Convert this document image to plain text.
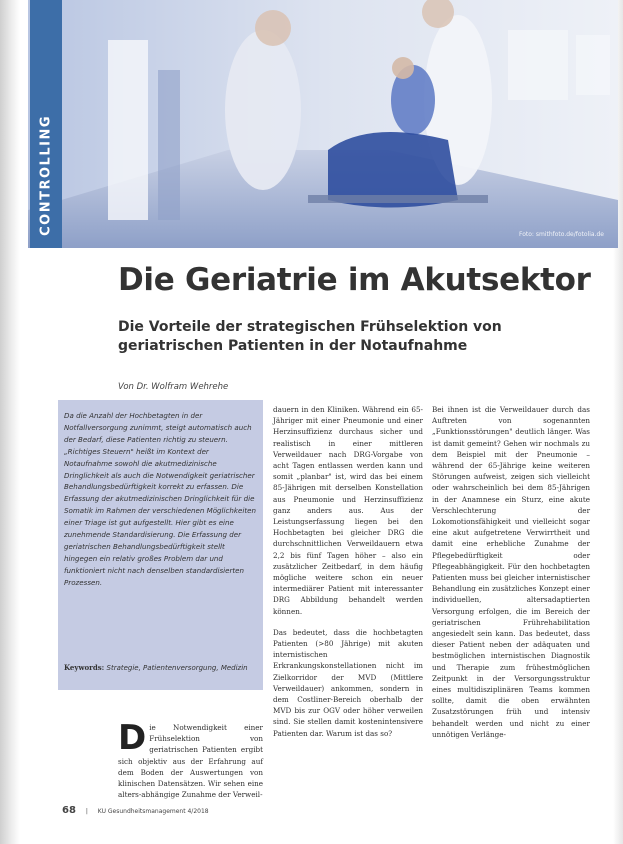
Foto: smithfoto.de/fotolia.de
CONTROLLING
Die Geriatrie im Akutsektor
Die Vorteile der strategischen Frühselektion von geriatrischen Patienten in der Notaufnahme
Von Dr. Wolfram Wehrehe

Da die Anzahl der Hochbetagten in der Notfallversorgung zunimmt, steigt automatisch auch der Bedarf, diese Patienten richtig zu steuern. „Richtiges Steuern" heißt im Kontext der Notaufnahme sowohl die akutmedizinische Dringlichkeit als auch die Notwendigkeit geriatrischer Behandlungsbedürftigkeit korrekt zu erfassen. Die Erfassung der akutmedizinischen Dringlichkeit für die Somatik im Rahmen der verschiedenen Möglichkeiten einer Triage ist gut aufgestellt. Hier gibt es eine zunehmende Standardisierung. Die Erfassung der geriatrischen Behandlungsbedürftigkeit stellt hingegen ein relativ großes Problem dar und funktioniert nicht nach denselben standardisierten Prozessen.

Keywords: Strategie, Patientenversorgung, Medizin

D ie Notwendigkeit einer Frühselektion von geriatrischen Patienten ergibt sich objektiv aus der Erfahrung auf dem Boden der Auswertungen von klinischen Datensätzen. Wir sehen eine alters-abhängige Zunahme der Verweil-

dauern in den Kliniken. Während ein 65-Jähriger mit einer Pneumonie und einer Herzinsuffizienz durchaus sicher und realistisch in einer mittleren Verweildauer nach DRG-Vorgabe von acht Tagen entlassen werden kann und somit „planbar" ist, wird das bei einem 85-Jährigen mit derselben Konstellation aus Pneumonie und Herzinsuffizienz ganz anders aus. Aus der Leistungserfassung liegen bei den Hochbetagten bei gleicher DRG die durchschnittlichen Verweildauern etwa 2,2 bis fünf Tagen höher – also ein zusätzlicher Zeitbedarf, in dem häufig mögliche weitere schon ein neuer intermediärer Patient mit interessanter DRG Abbildung behandelt werden können.

Das bedeutet, dass die hochbetagten Patienten (>80 Jährige) mit akuten internistischen Erkrankungskonstellationen nicht im Zielkorridor der MVD (Mittlere Verweildauer) ankommen, sondern in dem Costliner-Bereich oberhalb der MVD bis zur OGV oder höher verweilen sind. Sie stellen damit kostenintensivere Patienten dar. Warum ist das so?

Bei ihnen ist die Verweildauer durch das Auftreten von sogenannten „Funktionsstörungen" deutlich länger. Was ist damit gemeint? Gehen wir nochmals zu dem Beispiel mit der Pneumonie – während der 65-Jährige keine weiteren Störungen aufweist, zeigen sich vielleicht oder wahrscheinlich bei dem 85-Jährigen in der Anamnese ein Sturz, eine akute Verschlechterung der Lokomotionsfähigkeit und vielleicht sogar eine akut aufgetretene Verwirrtheit und damit eine erhebliche Zunahme der Pflegebedürftigkeit oder Pflegeabhängigkeit. Für den hochbetagten Patienten muss bei gleicher internistischer Behandlung ein zusätzliches Konzept einer individuellen, altersadaptierten Versorgung erfolgen, die im Bereich der geriatrischen Frührehabilitation angesiedelt sein kann. Das bedeutet, dass dieser Patient neben der adäquaten und bestmöglichen internistischen Diagnostik und Therapie zum frühestmöglichen Zeitpunkt in der Versorgungsstruktur eines multidisziplinären Teams kommen sollte, damit die oben erwähnten Zusatzstörungen früh und intensiv behandelt werden und nicht zu einer unnötigen Verlänge-

68 | KU Gesundheitsmanagement 4/2018
